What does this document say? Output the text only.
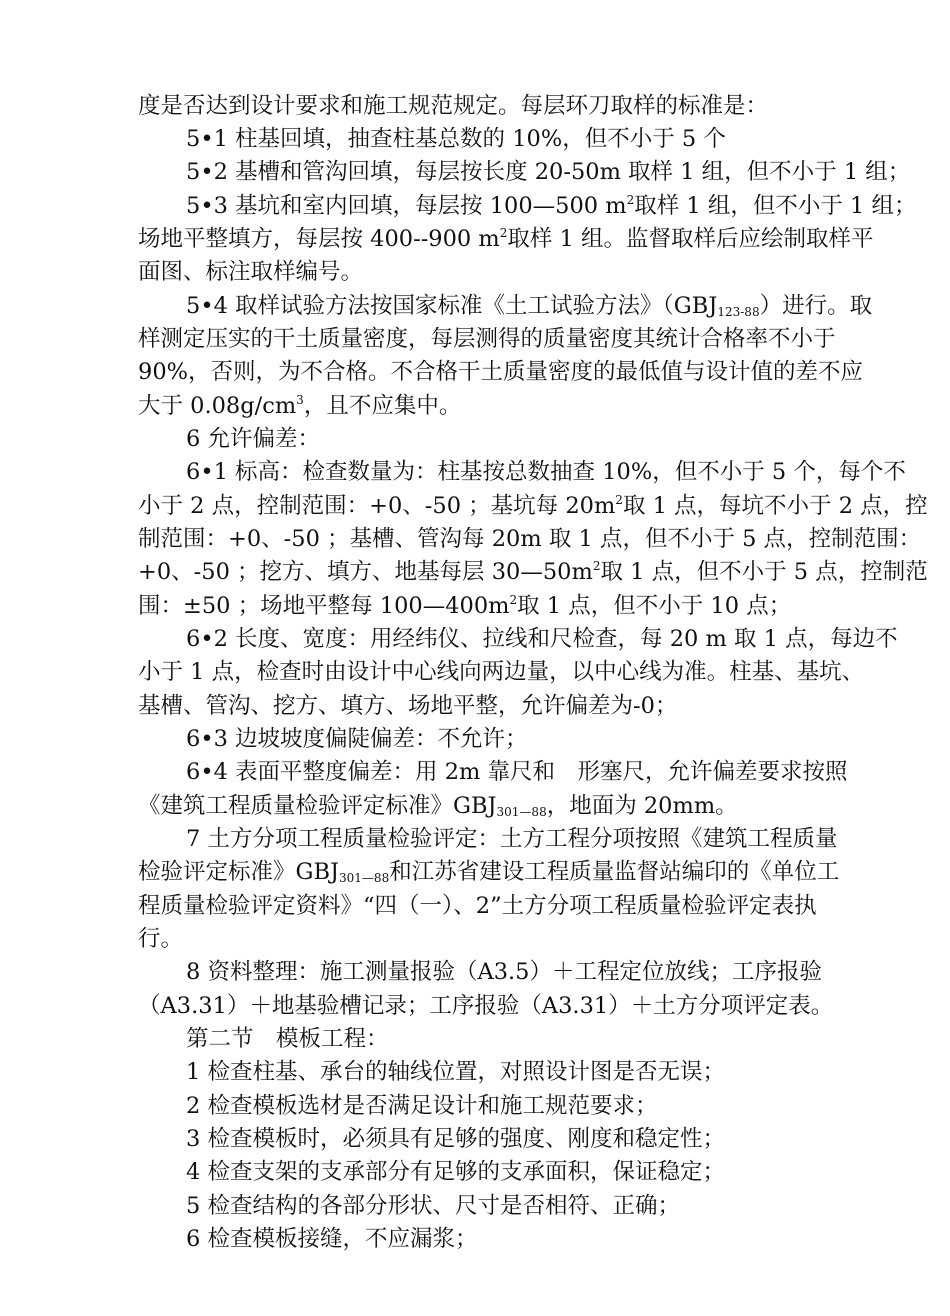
度是否达到设计要求和施工规范规定。每层环刀取样的标准是：
5•1 柱基回填，抽查柱基总数的 10%，但不小于 5 个
5•2 基槽和管沟回填，每层按长度 20-50m 取样 1 组，但不小于 1 组；
5•3 基坑和室内回填，每层按 100—500 $m^2$取样 1 组，但不小于 1 组；
场地平整填方，每层按 400--900 $m^2$取样 1 组。监督取样后应绘制取样平
面图、标注取样编号。
5•4 取样试验方法按国家标准《土工试验方法》$(GBJ_{123-88})$进行。取
样测定压实的干土质量密度，每层测得的质量密度其统计合格率不小于
90%，否则，为不合格。不合格干土质量密度的最低值与设计值的差不应
大于 $0.08g/cm^3$，且不应集中。
6 允许偏差：
6•1 标高：检查数量为：柱基按总数抽查 10%，但不小于 5 个，每个不
小于 2 点，控制范围：+0、-50 ；基坑每 $20m^2$取 1 点，每坑不小于 2 点，控
制范围：+0、-50 ；基槽、管沟每 20m 取 1 点，但不小于 5 点，控制范围：
+0、-50 ；挖方、填方、地基每层 $30—50m^2$取 1 点，但不小于 5 点，控制范
围：±50 ；场地平整每 $100—400m^2$取 1 点，但不小于 10 点；
6•2 长度、宽度：用经纬仪、拉线和尺检查，每 20 m 取 1 点，每边不
小于 1 点，检查时由设计中心线向两边量，以中心线为准。柱基、基坑、
基槽、管沟、挖方、填方、场地平整，允许偏差为-0；
6•3 边坡坡度偏陡偏差：不允许；
6•4 表面平整度偏差：用 2m 靠尺和　形塞尺，允许偏差要求按照
《建筑工程质量检验评定标准》$GBJ_{301—88}$，地面为 20mm。
7 土方分项工程质量检验评定：土方工程分项按照《建筑工程质量
检验评定标准》$GBJ_{301—88}$和江苏省建设工程质量监督站编印的《单位工
程质量检验评定资料》“四（一）、2”土方分项工程质量检验评定表执
行。
8 资料整理：施工测量报验（A3.5）＋工程定位放线；工序报验
（A3.31）＋地基验槽记录；工序报验（A3.31）＋土方分项评定表。
第二节　模板工程：
1 检查柱基、承台的轴线位置，对照设计图是否无误；
2 检查模板选材是否满足设计和施工规范要求；
3 检查模板时，必须具有足够的强度、刚度和稳定性；
4 检查支架的支承部分有足够的支承面积，保证稳定；
5 检查结构的各部分形状、尺寸是否相符、正确；
6 检查模板接缝，不应漏浆；
